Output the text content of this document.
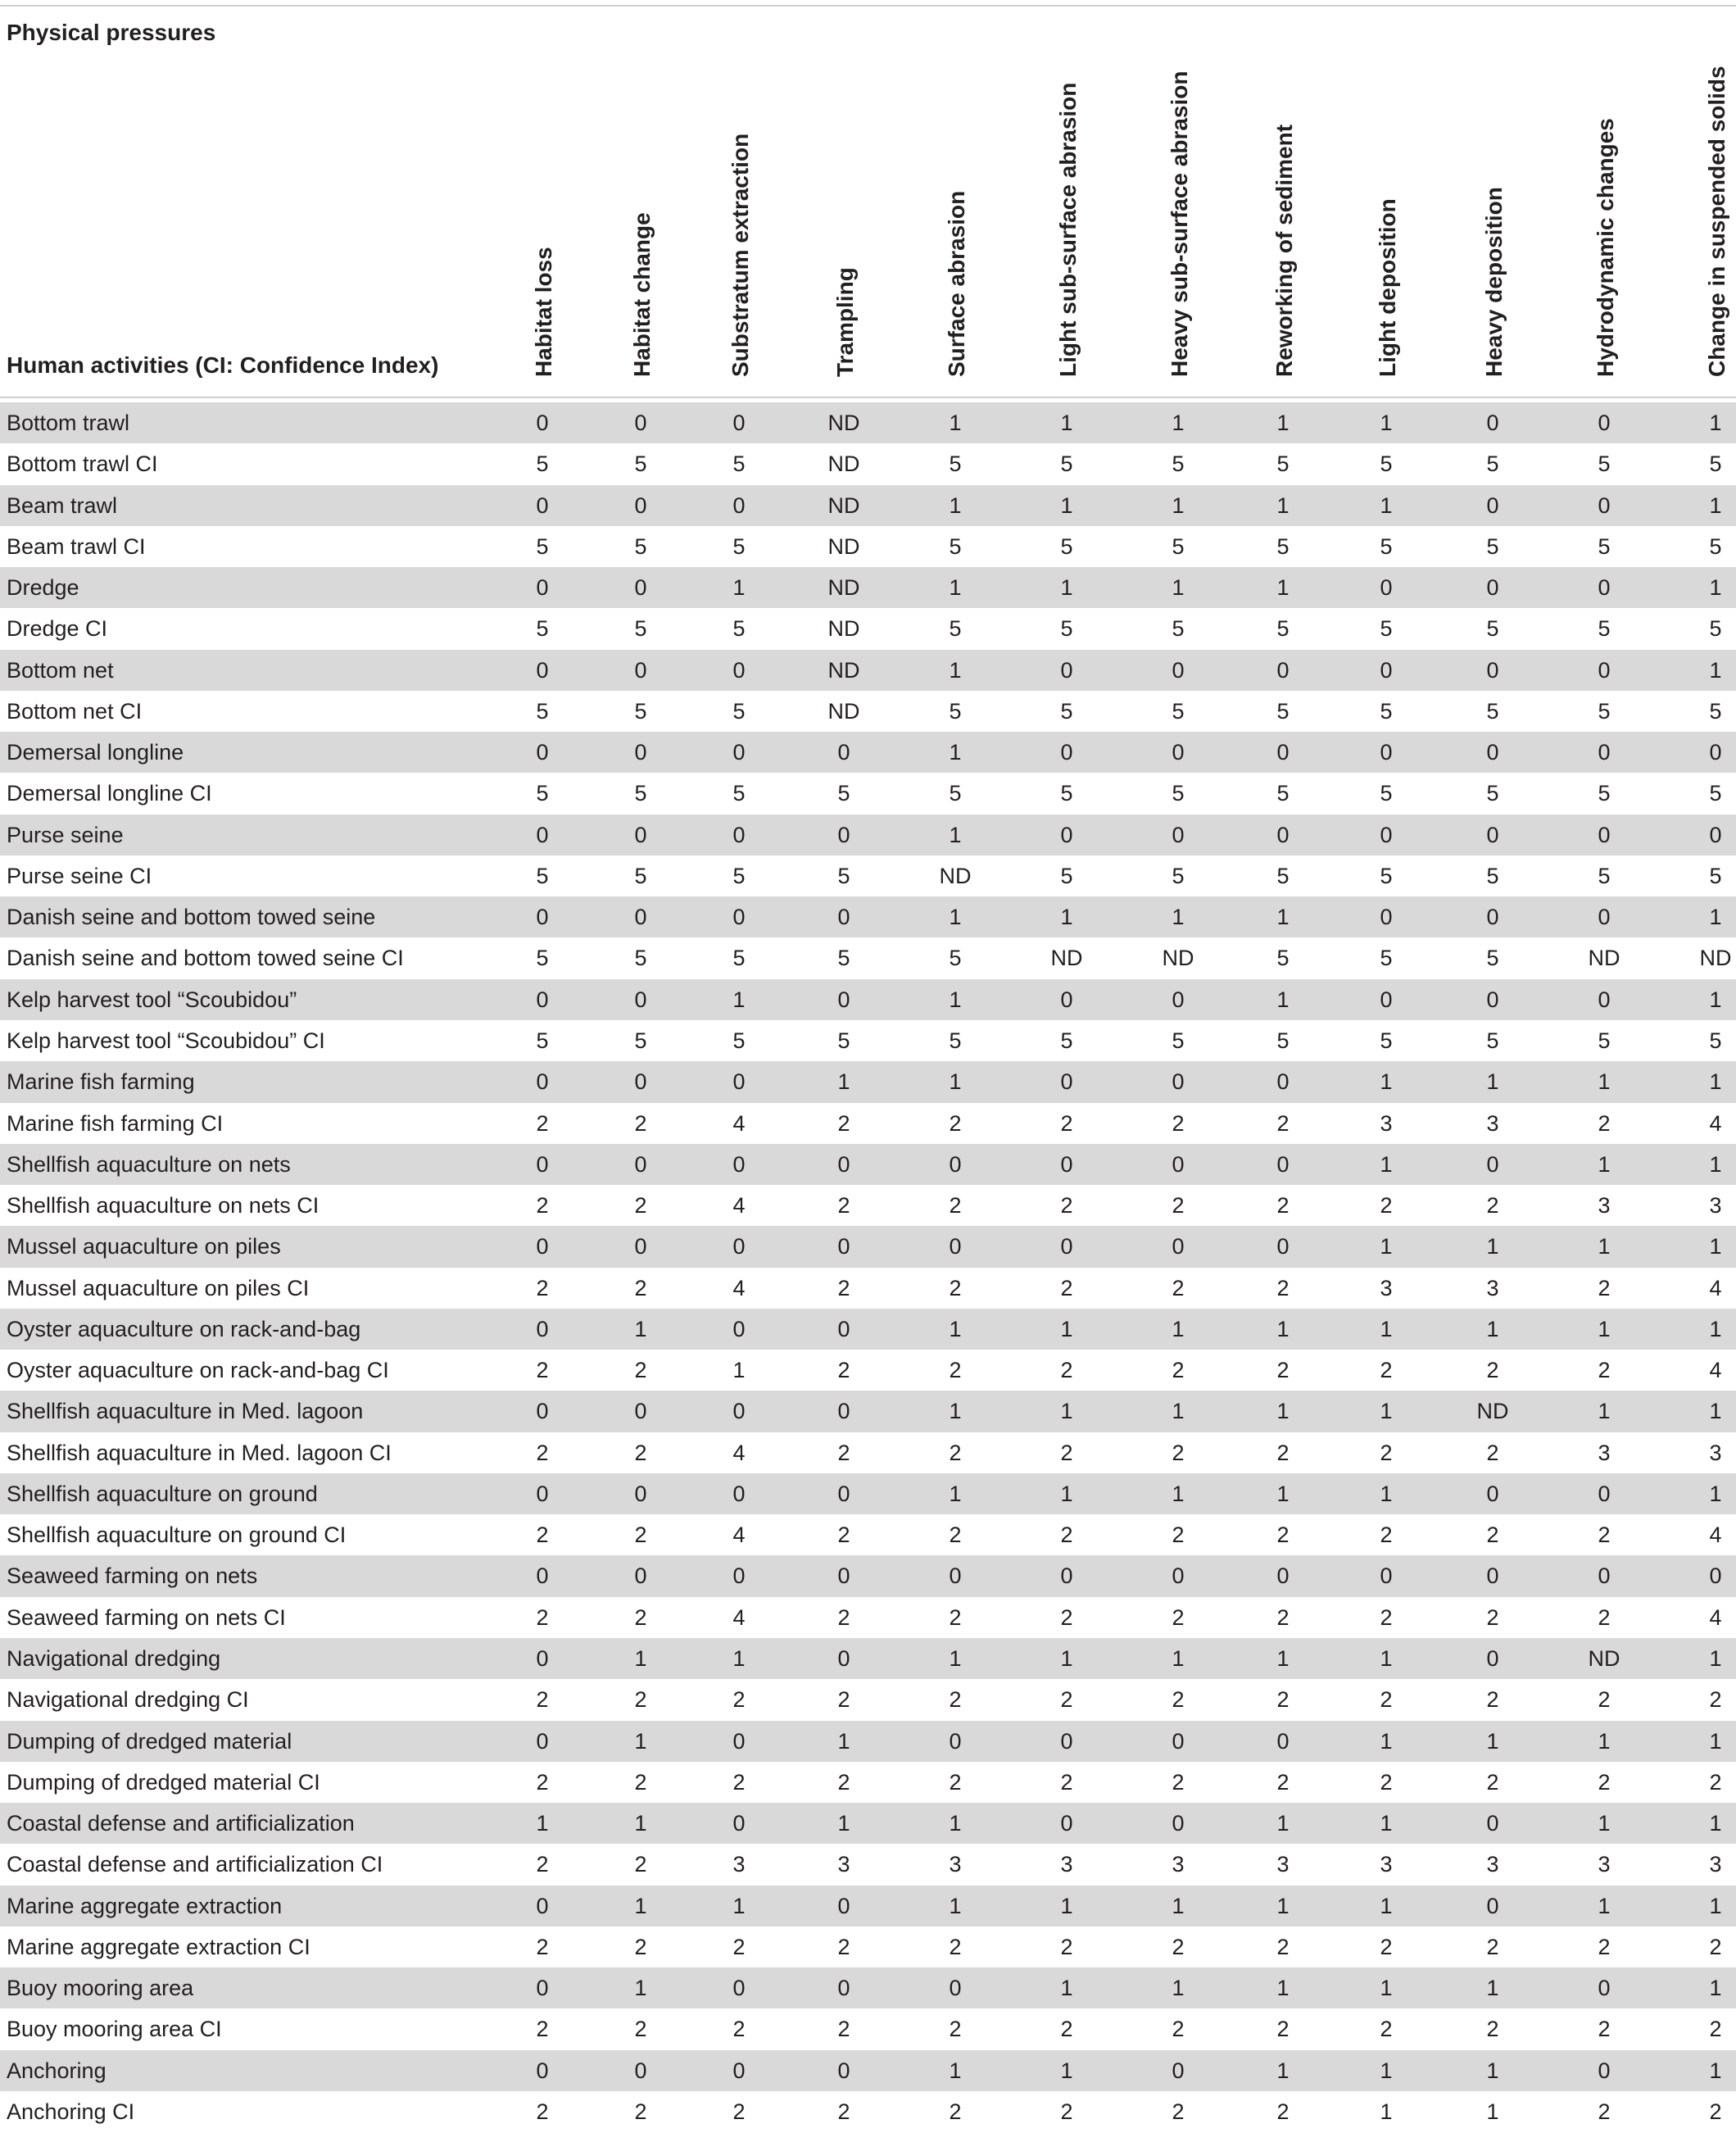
Physical pressures
Human activities (CI: Confidence Index)	Habitat loss	Habitat change	Substratum extraction	Trampling	Surface abrasion	Light sub-surface abrasion	Heavy sub-surface abrasion	Reworking of sediment	Light deposition	Heavy deposition	Hydrodynamic changes	Change in suspended solids
Bottom trawl	0	0	0	ND	1	1	1	1	1	0	0	1
Bottom trawl CI	5	5	5	ND	5	5	5	5	5	5	5	5
Beam trawl	0	0	0	ND	1	1	1	1	1	0	0	1
Beam trawl CI	5	5	5	ND	5	5	5	5	5	5	5	5
Dredge	0	0	1	ND	1	1	1	1	0	0	0	1
Dredge CI	5	5	5	ND	5	5	5	5	5	5	5	5
Bottom net	0	0	0	ND	1	0	0	0	0	0	0	1
Bottom net CI	5	5	5	ND	5	5	5	5	5	5	5	5
Demersal longline	0	0	0	0	1	0	0	0	0	0	0	0
Demersal longline CI	5	5	5	5	5	5	5	5	5	5	5	5
Purse seine	0	0	0	0	1	0	0	0	0	0	0	0
Purse seine CI	5	5	5	5	ND	5	5	5	5	5	5	5
Danish seine and bottom towed seine	0	0	0	0	1	1	1	1	0	0	0	1
Danish seine and bottom towed seine CI	5	5	5	5	5	ND	ND	5	5	5	ND	ND
Kelp harvest tool “Scoubidou”	0	0	1	0	1	0	0	1	0	0	0	1
Kelp harvest tool “Scoubidou” CI	5	5	5	5	5	5	5	5	5	5	5	5
Marine fish farming	0	0	0	1	1	0	0	0	1	1	1	1
Marine fish farming CI	2	2	4	2	2	2	2	2	3	3	2	4
Shellfish aquaculture on nets	0	0	0	0	0	0	0	0	1	0	1	1
Shellfish aquaculture on nets CI	2	2	4	2	2	2	2	2	2	2	3	3
Mussel aquaculture on piles	0	0	0	0	0	0	0	0	1	1	1	1
Mussel aquaculture on piles CI	2	2	4	2	2	2	2	2	3	3	2	4
Oyster aquaculture on rack-and-bag	0	1	0	0	1	1	1	1	1	1	1	1
Oyster aquaculture on rack-and-bag CI	2	2	1	2	2	2	2	2	2	2	2	4
Shellfish aquaculture in Med. lagoon	0	0	0	0	1	1	1	1	1	ND	1	1
Shellfish aquaculture in Med. lagoon CI	2	2	4	2	2	2	2	2	2	2	3	3
Shellfish aquaculture on ground	0	0	0	0	1	1	1	1	1	0	0	1
Shellfish aquaculture on ground CI	2	2	4	2	2	2	2	2	2	2	2	4
Seaweed farming on nets	0	0	0	0	0	0	0	0	0	0	0	0
Seaweed farming on nets CI	2	2	4	2	2	2	2	2	2	2	2	4
Navigational dredging	0	1	1	0	1	1	1	1	1	0	ND	1
Navigational dredging CI	2	2	2	2	2	2	2	2	2	2	2	2
Dumping of dredged material	0	1	0	1	0	0	0	0	1	1	1	1
Dumping of dredged material CI	2	2	2	2	2	2	2	2	2	2	2	2
Coastal defense and artificialization	1	1	0	1	1	0	0	1	1	0	1	1
Coastal defense and artificialization CI	2	2	3	3	3	3	3	3	3	3	3	3
Marine aggregate extraction	0	1	1	0	1	1	1	1	1	0	1	1
Marine aggregate extraction CI	2	2	2	2	2	2	2	2	2	2	2	2
Buoy mooring area	0	1	0	0	0	1	1	1	1	1	0	1
Buoy mooring area CI	2	2	2	2	2	2	2	2	2	2	2	2
Anchoring	0	0	0	0	1	1	0	1	1	1	0	1
Anchoring CI	2	2	2	2	2	2	2	2	1	1	2	2
